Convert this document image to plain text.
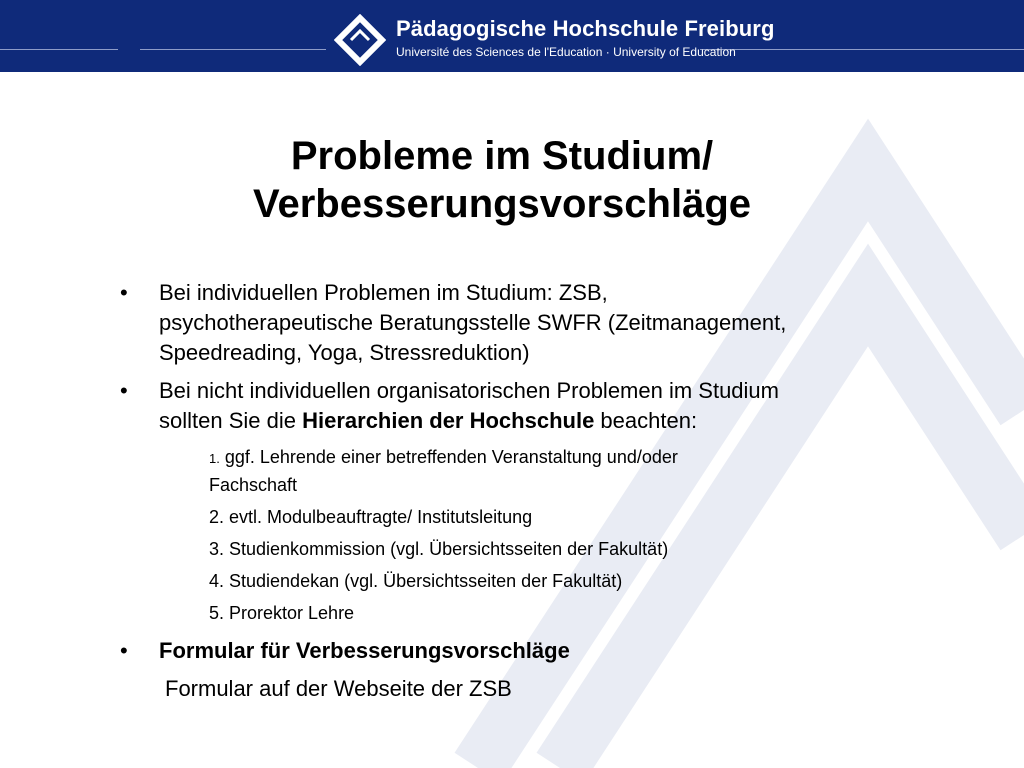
Pädagogische Hochschule Freiburg
Université des Sciences de l'Education · University of Education
Probleme im Studium/
Verbesserungsvorschläge
• Bei individuellen Problemen im Studium: ZSB,
psychotherapeutische Beratungsstelle SWFR (Zeitmanagement,
Speedreading, Yoga, Stressreduktion)
• Bei nicht individuellen organisatorischen Problemen im Studium
sollten Sie die Hierarchien der Hochschule beachten:
1. ggf. Lehrende einer betreffenden Veranstaltung und/oder
Fachschaft
2. evtl. Modulbeauftragte/ Institutsleitung
3. Studienkommission (vgl. Übersichtsseiten der Fakultät)
4. Studiendekan (vgl. Übersichtsseiten der Fakultät)
5. Prorektor Lehre
• Formular für Verbesserungsvorschläge
Formular auf der Webseite der ZSB
